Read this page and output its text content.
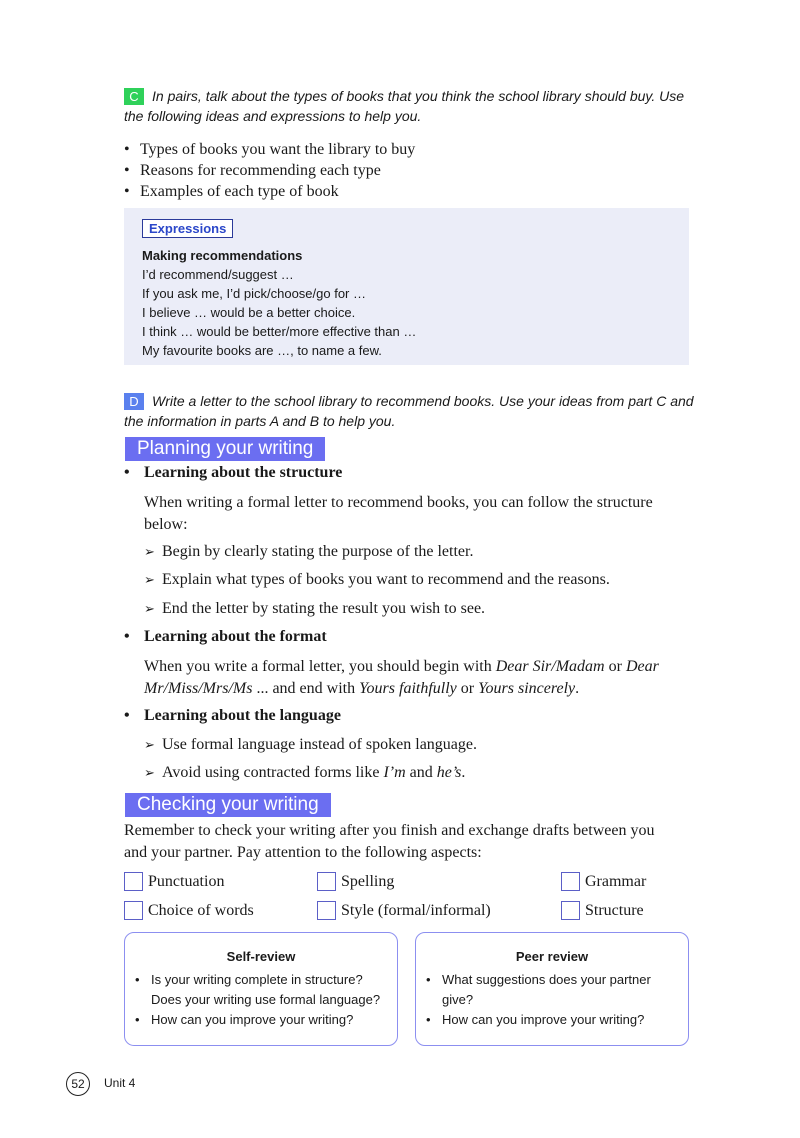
C In pairs, talk about the types of books that you think the school library should buy. Use
the following ideas and expressions to help you.
• Types of books you want the library to buy
• Reasons for recommending each type
• Examples of each type of book
Expressions
Making recommendations
I’d recommend/suggest …
If you ask me, I’d pick/choose/go for …
I believe … would be a better choice.
I think … would be better/more effective than …
My favourite books are …, to name a few.
D Write a letter to the school library to recommend books. Use your ideas from part C and
the information in parts A and B to help you.
Planning your writing
• Learning about the structure
When writing a formal letter to recommend books, you can follow the structure
below:
➢ Begin by clearly stating the purpose of the letter.
➢ Explain what types of books you want to recommend and the reasons.
➢ End the letter by stating the result you wish to see.
• Learning about the format
When you write a formal letter, you should begin with Dear Sir/Madam or Dear
Mr/Miss/Mrs/Ms ... and end with Yours faithfully or Yours sincerely.
• Learning about the language
➢ Use formal language instead of spoken language.
➢ Avoid using contracted forms like I’m and he’s.
Checking your writing
Remember to check your writing after you finish and exchange drafts between you
and your partner. Pay attention to the following aspects:
Punctuation	Spelling	Grammar
Choice of words	Style (formal/informal)	Structure
Self-review
• Is your writing complete in structure? Does your writing use formal language?
• How can you improve your writing?
Peer review
• What suggestions does your partner give?
• How can you improve your writing?
52	Unit 4
